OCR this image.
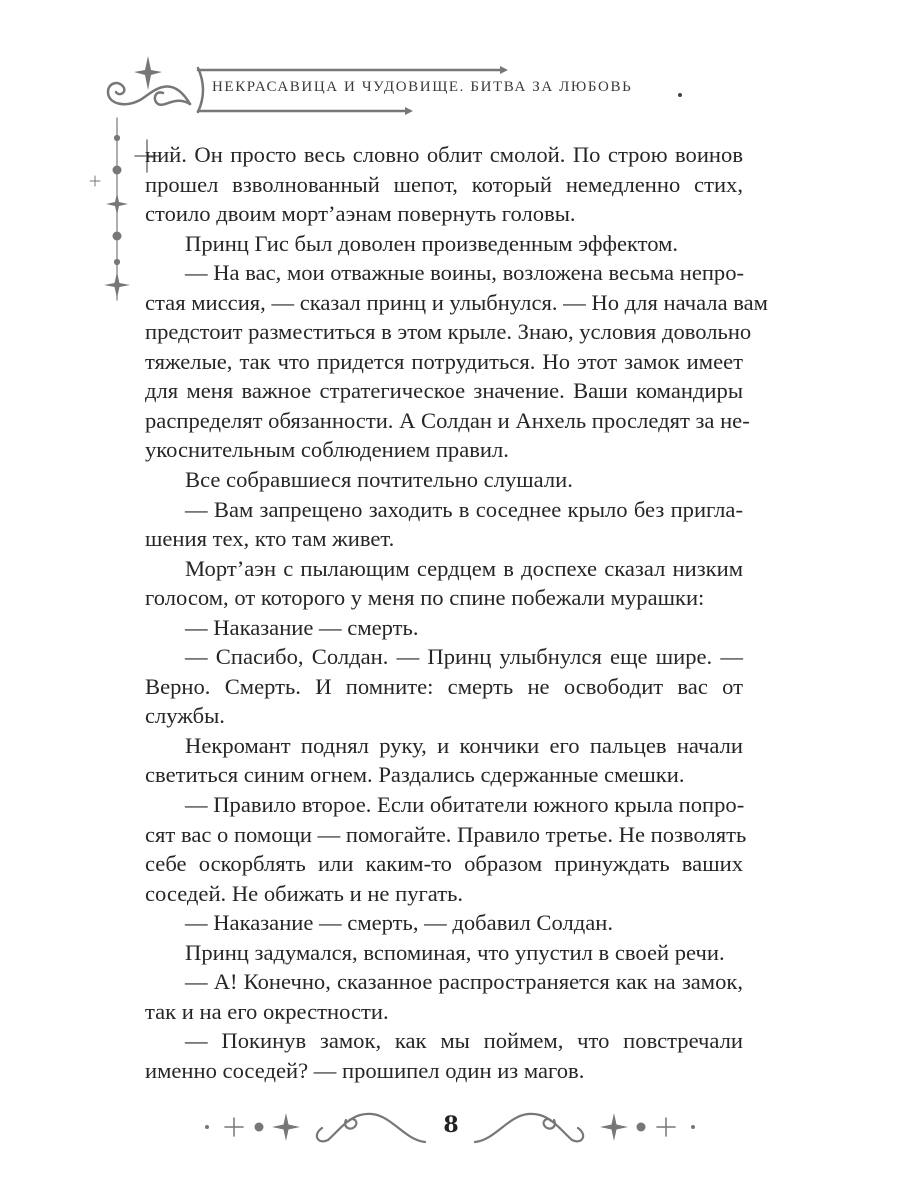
НЕКРАСАВИЦА И ЧУДОВИЩЕ. БИТВА ЗА ЛЮБОВЬ
ний. Он просто весь словно облит смолой. По строю воинов
прошел взволнованный шепот, который немедленно стих,
стоило двоим морт’аэнам повернуть головы.
Принц Гис был доволен произведенным эффектом.
— На вас, мои отважные воины, возложена весьма непро-
стая миссия, — сказал принц и улыбнулся. — Но для начала вам
предстоит разместиться в этом крыле. Знаю, условия довольно
тяжелые, так что придется потрудиться. Но этот замок имеет
для меня важное стратегическое значение. Ваши командиры
распределят обязанности. А Солдан и Анхель проследят за не-
укоснительным соблюдением правил.
Все собравшиеся почтительно слушали.
— Вам запрещено заходить в соседнее крыло без пригла-
шения тех, кто там живет.
Морт’аэн с пылающим сердцем в доспехе сказал низким
голосом, от которого у меня по спине побежали мурашки:
— Наказание — смерть.
— Спасибо, Солдан. — Принц улыбнулся еще шире. —
Верно. Смерть. И помните: смерть не освободит вас от
службы.
Некромант поднял руку, и кончики его пальцев начали
светиться синим огнем. Раздались сдержанные смешки.
— Правило второе. Если обитатели южного крыла попро-
сят вас о помощи — помогайте. Правило третье. Не позволять
себе оскорблять или каким-то образом принуждать ваших
соседей. Не обижать и не пугать.
— Наказание — смерть, — добавил Солдан.
Принц задумался, вспоминая, что упустил в своей речи.
— А! Конечно, сказанное распространяется как на замок,
так и на его окрестности.
— Покинув замок, как мы поймем, что повстречали
именно соседей? — прошипел один из магов.
8
